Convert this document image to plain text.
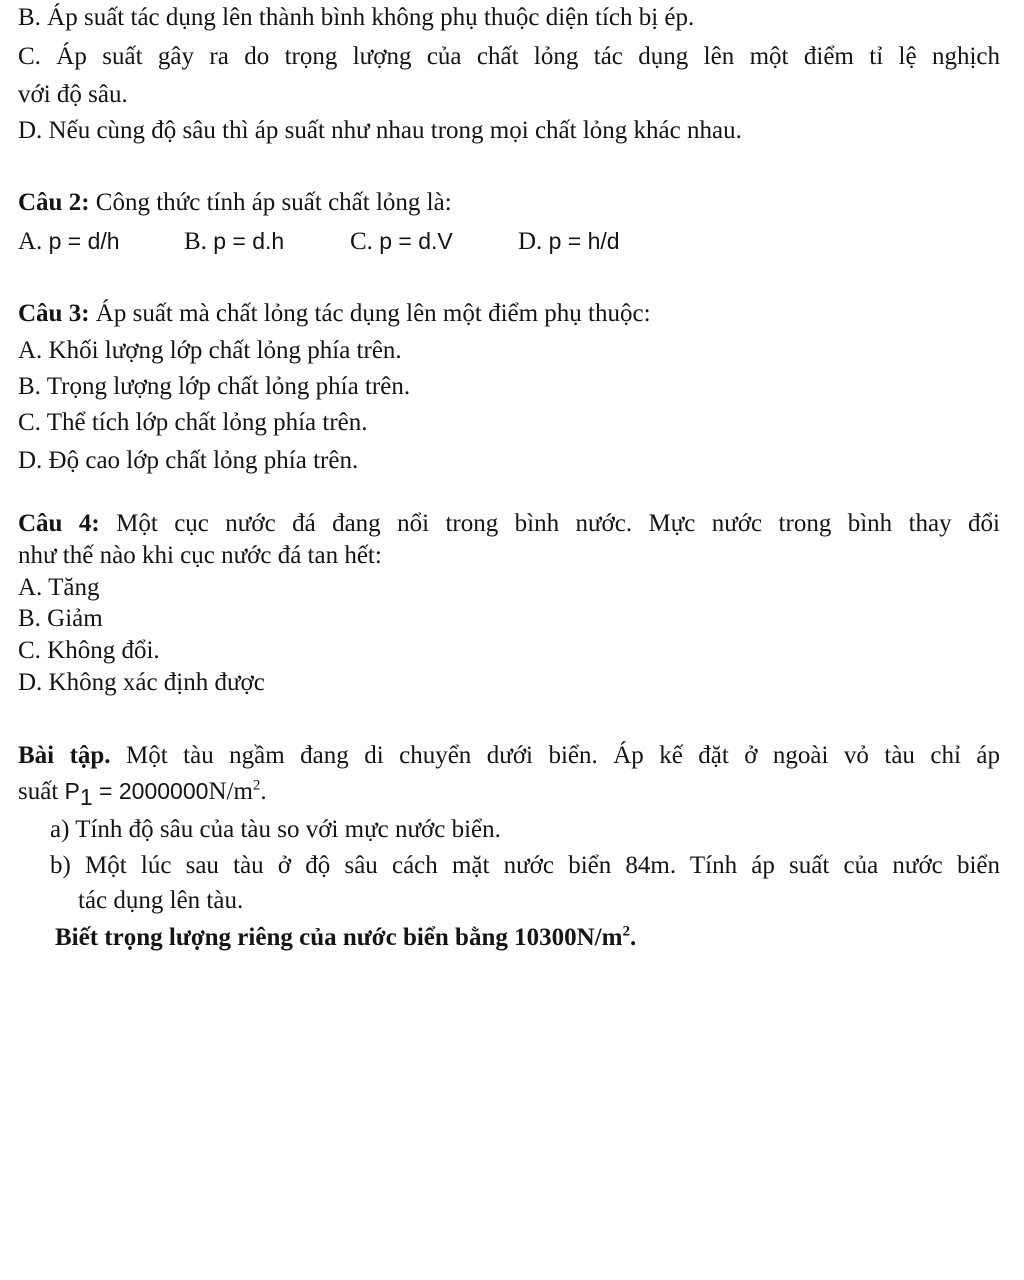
B. Áp suất tác dụng lên thành bình không phụ thuộc diện tích bị ép.
C. Áp suất gây ra do trọng lượng của chất lỏng tác dụng lên một điểm tỉ lệ nghịch
với độ sâu.
D. Nếu cùng độ sâu thì áp suất như nhau trong mọi chất lỏng khác nhau.
Câu 2: Công thức tính áp suất chất lỏng là:
A. p = d/h	B. p = d.h	C. p = d.V	D. p = h/d
Câu 3: Áp suất mà chất lỏng tác dụng lên một điểm phụ thuộc:
A. Khối lượng lớp chất lỏng phía trên.
B. Trọng lượng lớp chất lỏng phía trên.
C. Thể tích lớp chất lỏng phía trên.
D. Độ cao lớp chất lỏng phía trên.
Câu 4: Một cục nước đá đang nổi trong bình nước. Mực nước trong bình thay đổi
như thế nào khi cục nước đá tan hết:
A. Tăng
B. Giảm
C. Không đổi.
D. Không xác định được
Bài tập. Một tàu ngầm đang di chuyển dưới biển. Áp kế đặt ở ngoài vỏ tàu chỉ áp
suất $P_1 = 2000000N/m^2$.
a) Tính độ sâu của tàu so với mực nước biển.
b) Một lúc sau tàu ở độ sâu cách mặt nước biển 84m. Tính áp suất của nước biển
tác dụng lên tàu.
Biết trọng lượng riêng của nước biển bằng $10300N/m^2$.
